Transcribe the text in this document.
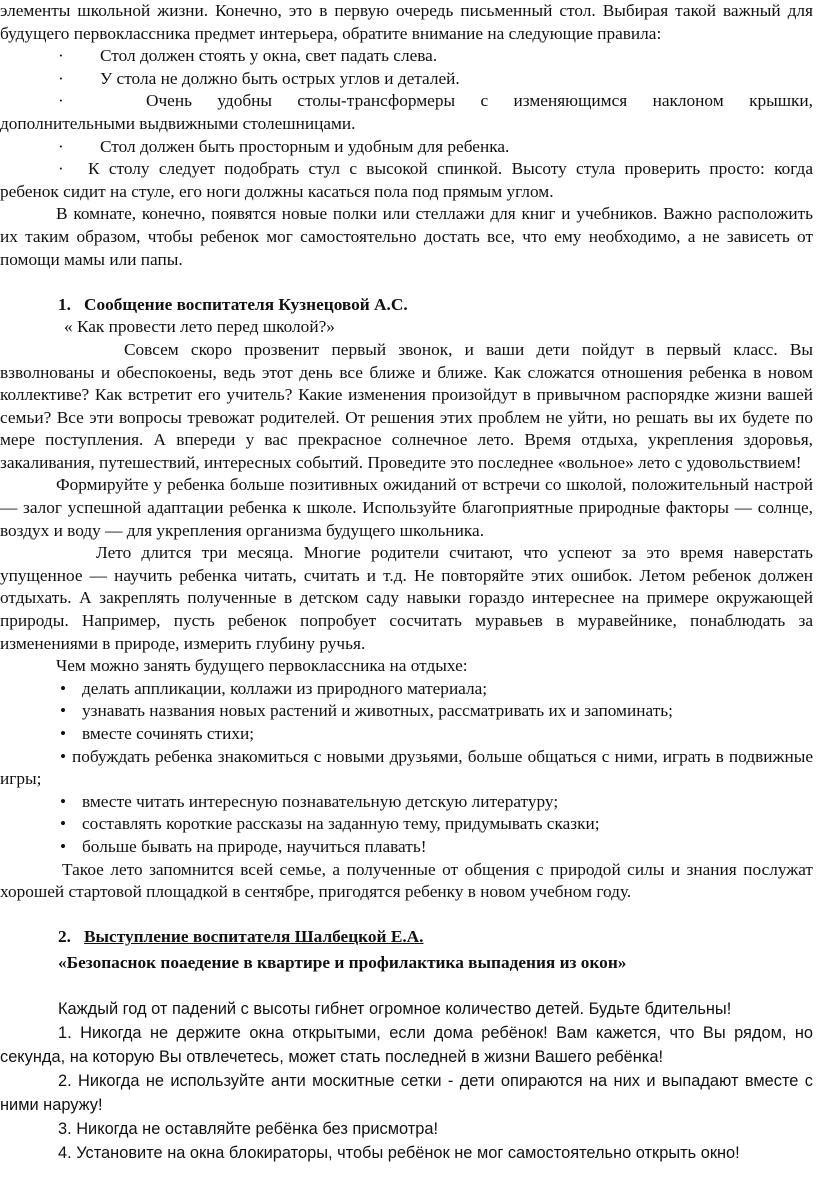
элементы школьной жизни. Конечно, это в первую очередь письменный стол. Выбирая такой важный для будущего первоклассника предмет интерьера, обратите внимание на следующие правила:

·	Стол должен стоять у окна, свет падать слева.
·	У стола не должно быть острых углов и деталей.

·	Очень удобны столы-трансформеры с изменяющимся наклоном крышки, дополнительными выдвижными столешницами.

·	Стол должен быть просторным и удобным для ребенка.

· К столу следует подобрать стул с высокой спинкой. Высоту стула проверить просто: когда ребенок сидит на стуле, его ноги должны касаться пола под прямым углом.

В комнате, конечно, появятся новые полки или стеллажи для книг и учебников. Важно расположить их таким образом, чтобы ребенок мог самостоятельно достать все, что ему необходимо, а не зависеть от помощи мамы или папы.

1. Сообщение воспитателя Кузнецовой А.С.

« Как провести лето перед школой?»

Совсем скоро прозвенит первый звонок, и ваши дети пойдут в первый класс. Вы взволнованы и обеспокоены, ведь этот день все ближе и ближе. Как сложатся отношения ребенка в новом коллективе? Как встретит его учитель? Какие изменения произойдут в привычном распорядке жизни вашей семьи? Все эти вопросы тревожат родителей. От решения этих проблем не уйти, но решать вы их будете по мере поступления. А впереди у вас прекрасное солнечное лето. Время отдыха, укрепления здоровья, закаливания, путешествий, интересных событий. Проведите это последнее «вольное» лето с удовольствием!

Формируйте у ребенка больше позитивных ожиданий от встречи со школой, положительный настрой — залог успешной адаптации ребенка к школе. Используйте благоприятные природные факторы — солнце, воздух и воду — для укрепления организма будущего школьника.

Лето длится три месяца. Многие родители считают, что успеют за это время наверстать упущенное — научить ребенка читать, считать и т.д. Не повторяйте этих ошибок. Летом ребенок должен отдыхать. А закреплять полученные в детском саду навыки гораздо интереснее на примере окружающей природы. Например, пусть ребенок попробует сосчитать муравьев в муравейнике, понаблюдать за изменениями в природе, измерить глубину ручья.

Чем можно занять будущего первоклассника на отдыхе:

• делать аппликации, коллажи из природного материала;
• узнавать названия новых растений и животных, рассматривать их и запоминать;
• вместе сочинять стихи;

• побуждать ребенка знакомиться с новыми друзьями, больше общаться с ними, играть в подвижные игры;

• вместе читать интересную познавательную детскую литературу;
• составлять короткие рассказы на заданную тему, придумывать сказки;
• больше бывать на природе, научиться плавать!

Такое лето запомнится всей семье, а полученные от общения с природой силы и знания послужат хорошей стартовой площадкой в сентябре, пригодятся ребенку в новом учебном году.

2. Выступление воспитателя Шалбецкой Е.А.

«Безопаснок поаедение в квартире и профилактика выпадения из окон»

Каждый год от падений с высоты гибнет огромное количество детей. Будьте бдительны!

1. Никогда не держите окна открытыми, если дома ребёнок! Вам кажется, что Вы рядом, но секунда, на которую Вы отвлечетесь, может стать последней в жизни Вашего ребёнка!

2. Никогда не используйте анти москитные сетки - дети опираются на них и выпадают вместе с ними наружу!

3. Никогда не оставляйте ребёнка без присмотра!

4. Установите на окна блокираторы, чтобы ребёнок не мог самостоятельно открыть окно!
